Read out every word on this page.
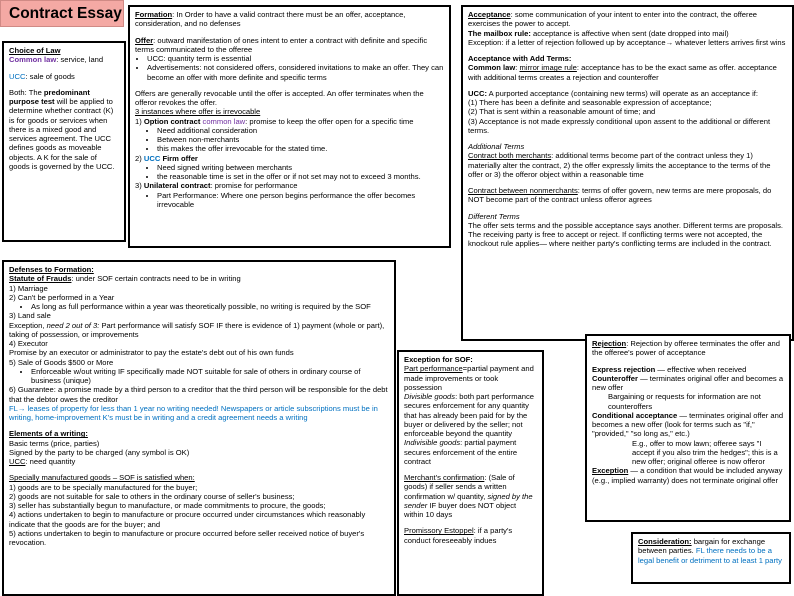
Contract Essay

Choice of Law

Common law: service, land

UCC: sale of goods

Both: The predominant purpose test will be applied to determine whether contract (K) is for goods or services when there is a mixed good and services agreement. The UCC defines goods as moveable objects. A K for the sale of goods is governed by the UCC.

Formation: In Order to have a valid contract there must be an offer, acceptance, consideration, and no defenses

Offer: outward manifestation of ones intent to enter a contract with definite and specific terms communicated to the offeree

• UCC: quantity term is essential
• Advertisements: not considered offers, considered invitations to make an offer. They can become an offer with more definite and specific terms

Offers are generally revocable until the offer is accepted. An offer terminates when the offeror revokes the offer.

3 instances where offer is irrevocable

1) Option contract common law: promise to keep the offer open for a specific time

• Need additional consideration
• Between non-merchants
• this makes the offer irrevocable for the stated time.

2) UCC Firm offer

• Need signed writing between merchants
• the reasonable time is set in the offer or if not set may not to exceed 3 months.

3) Unilateral contract: promise for performance

• Part Performance: Where one person begins performance the offer becomes irrevocable

Acceptance: some communication of your intent to enter into the contract, the offeree exercises the power to accept.

The mailbox rule: acceptance is affective when sent (date dropped into mail)

Exception: if a letter of rejection followed up by acceptance→ whatever letters arrives first wins

Acceptance with Add Terms:

Common law: mirror image rule: acceptance has to be the exact same as offer. acceptance with additional terms creates a rejection and counteroffer

UCC: A purported acceptance (containing new terms) will operate as an acceptance if:

(1) There has been a definite and seasonable expression of acceptance;

(2) That is sent within a reasonable amount of time; and

(3) Acceptance is not made expressly conditional upon assent to the additional or different terms.

Additional Terms

Contract both merchants: additional terms become part of the contract unless they 1) materially alter the contract, 2) the offer expressly limits the acceptance to the terms of the offer or 3) the offeror object within a reasonable time

Contract between nonmerchants: terms of offer govern, new terms are mere proposals, do NOT become part of the contract unless offeror agrees

Different Terms

The offer sets terms and the possible acceptance says another. Different terms are proposals.

The receiving party is free to accept or reject. If conflicting terms were not accepted, the knockout rule applies— where neither party's conflicting terms are included in the contract.

Defenses to Formation:

Statute of Frauds: under SOF certain contracts need to be in writing

1) Marriage

2) Can't be performed in a Year

• As long as full performance within a year was theoretically possible, no writing is required by the SOF

3) Land sale

Exception, need 2 out of 3: Part performance will satisfy SOF IF there is evidence of 1) payment (whole or part), taking of possession, or improvements

4) Executor

Promise by an executor or administrator to pay the estate's debt out of his own funds

5) Sale of Goods $500 or More

• Enforceable w/out writing IF specifically made NOT suitable for sale of others in ordinary course of business (unique)

6) Guarantee: a promise made by a third person to a creditor that the third person will be responsible for the debt that the debtor owes the creditor

FL→ leases of property for less than 1 year no writing needed! Newspapers or article subscriptions must be in writing, home-improvement K's must be in writing and a credit agreement needs a writing

Elements of a writing:

Basic terms (price, parties)

Signed by the party to be charged (any symbol is OK)

UCC: need quantity

Specially manufactured goods – SOF is satisfied when:

1) goods are to be specially manufactured for the buyer;

2) goods are not suitable for sale to others in the ordinary course of seller's business;

3) seller has substantially begun to manufacture, or made commitments to procure, the goods;

4) actions undertaken to begin to manufacture or procure occurred under circumstances which reasonably indicate that the goods are for the buyer; and

5) actions undertaken to begin to manufacture or procure occurred before seller received notice of buyer's revocation.

Exception for SOF:

Part performance=partial payment and made improvements or took possession

Divisible goods: both part performance secures enforcement for any quantity that has already been paid for by the buyer or delivered by the seller; not enforceable beyond the quantity

Indivisible goods: partial payment secures enforcement of the entire contract

Merchant's confirmation: (Sale of goods) if seller sends a written confirmation w/ quantity, signed by the sender IF buyer does NOT object within 10 days

Promissory Estoppel: if a party's conduct foreseeably indues

Rejection: Rejection by offeree terminates the offer and the offeree's power of acceptance

Express rejection — effective when received

Counteroffer — terminates original offer and becomes a new offer

Bargaining or requests for information are not counteroffers

Conditional acceptance — terminates original offer and becomes a new offer (look for terms such as "if," "provided," "so long as," etc.)

E.g., offer to mow lawn; offeree says "I accept if you also trim the hedges"; this is a new offer; original offeree is now offeror

Exception — a condition that would be included anyway (e.g., implied warranty) does not terminate original offer

Consideration: bargain for exchange between parties. FL there needs to be a legal benefit or detriment to at least 1 party
